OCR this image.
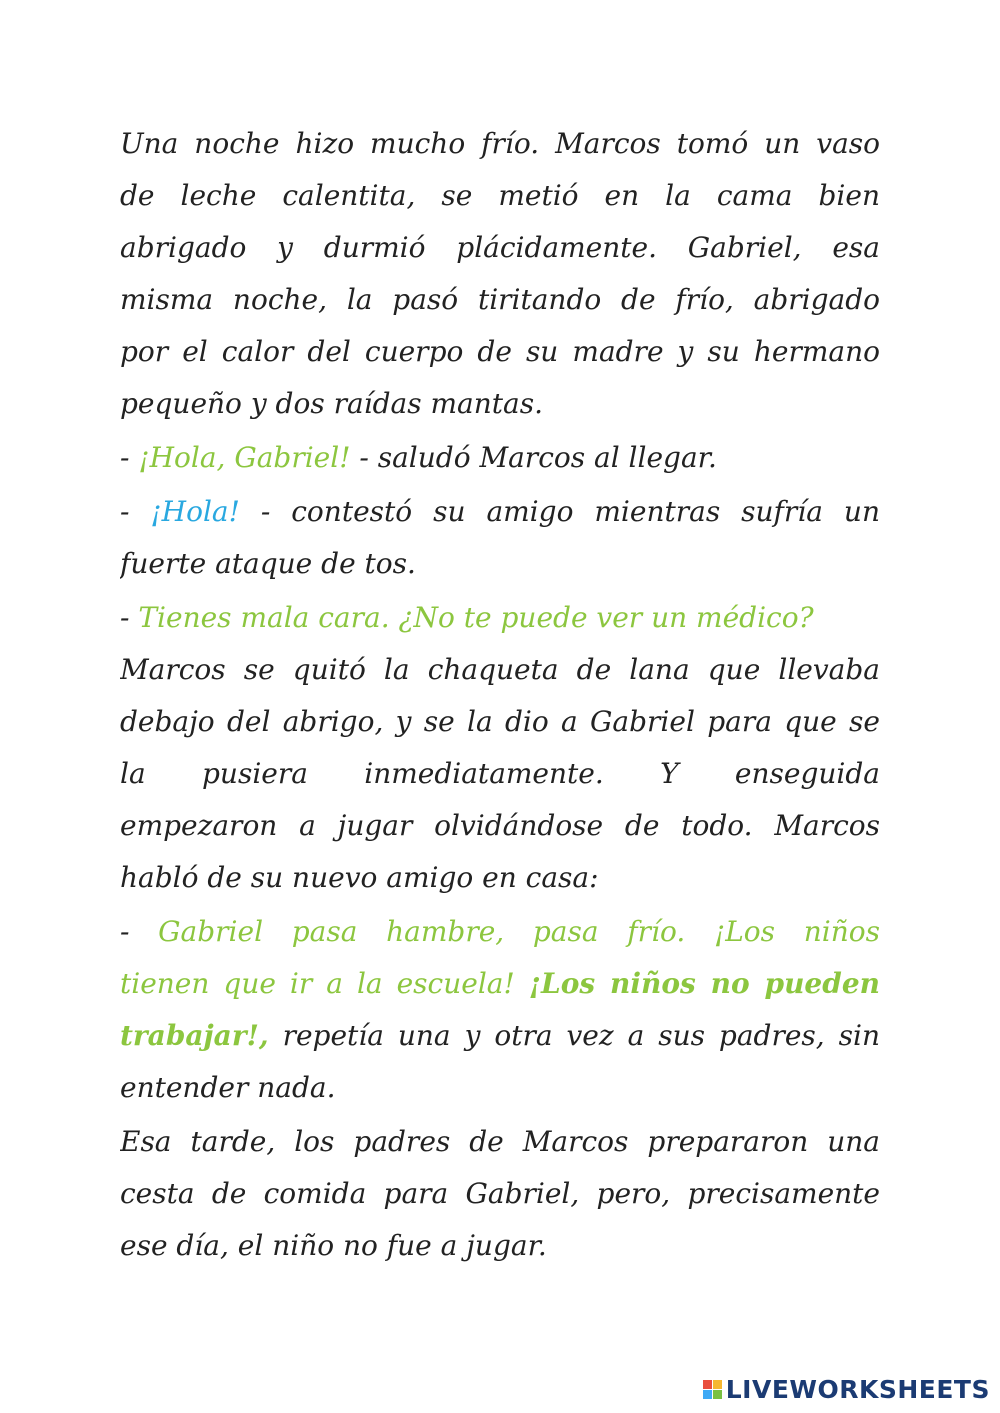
Una noche hizo mucho frío. Marcos tomó un vaso
de leche calentita, se metió en la cama bien
abrigado y durmió plácidamente. Gabriel, esa
misma noche, la pasó tiritando de frío, abrigado
por el calor del cuerpo de su madre y su hermano
pequeño y dos raídas mantas.
- ¡Hola, Gabriel! - saludó Marcos al llegar.
- ¡Hola! - contestó su amigo mientras sufría un
fuerte ataque de tos.
- Tienes mala cara. ¿No te puede ver un médico?
Marcos se quitó la chaqueta de lana que llevaba
debajo del abrigo, y se la dio a Gabriel para que se
la pusiera inmediatamente. Y enseguida
empezaron a jugar olvidándose de todo. Marcos
habló de su nuevo amigo en casa:
- Gabriel pasa hambre, pasa frío. ¡Los niños
tienen que ir a la escuela! ¡Los niños no pueden
trabajar!, repetía una y otra vez a sus padres, sin
entender nada.
Esa tarde, los padres de Marcos prepararon una
cesta de comida para Gabriel, pero, precisamente
ese día, el niño no fue a jugar.
LIVEWORKSHEETS
